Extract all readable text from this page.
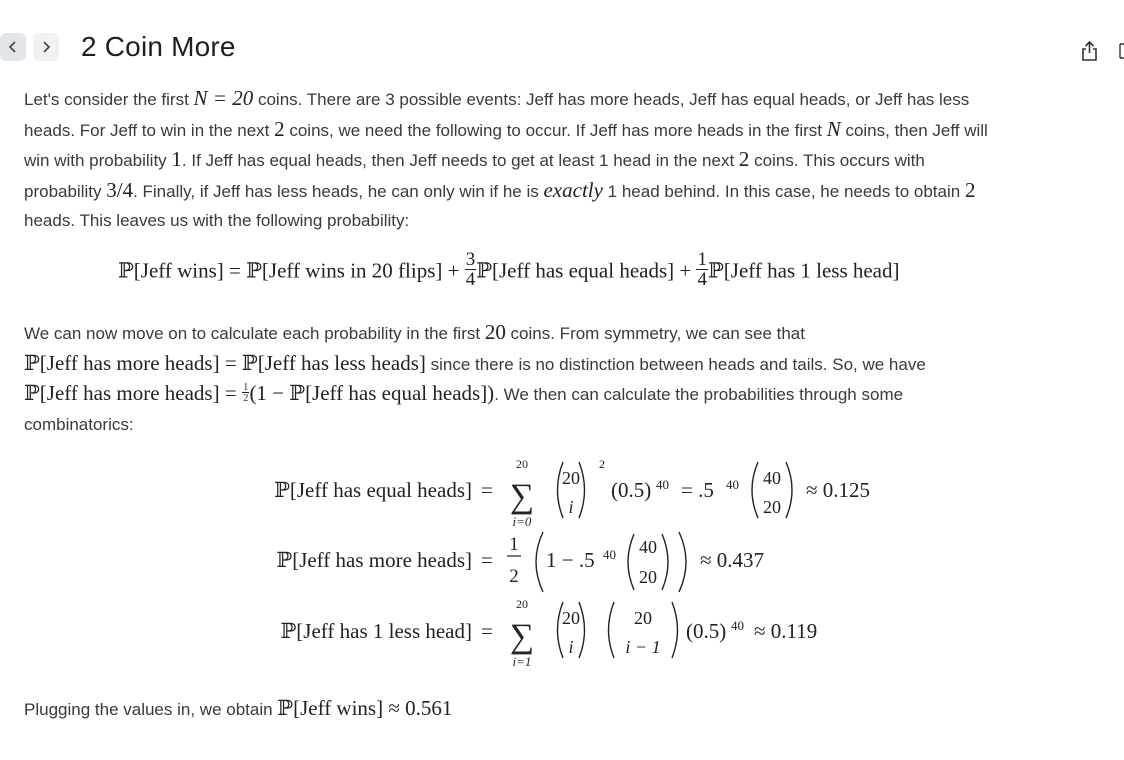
2 Coin More
Let's consider the first N = 20 coins. There are 3 possible events: Jeff has more heads, Jeff has equal heads, or Jeff has less
heads. For Jeff to win in the next 2 coins, we need the following to occur. If Jeff has more heads in the first N coins, then Jeff will
win with probability 1. If Jeff has equal heads, then Jeff needs to get at least 1 head in the next 2 coins. This occurs with
probability 3/4. Finally, if Jeff has less heads, he can only win if he is exactly 1 head behind. In this case, he needs to obtain 2
heads. This leaves us with the following probability:
ℙ[Jeff wins] = ℙ[Jeff wins in 20 flips] + $\frac{3}{4}$ ℙ[Jeff has equal heads] + $\frac{1}{4}$ ℙ[Jeff has 1 less head]
We can now move on to calculate each probability in the first 20 coins. From symmetry, we can see that
ℙ[Jeff has more heads] = ℙ[Jeff has less heads] since there is no distinction between heads and tails. So, we have
ℙ[Jeff has more heads] = $\frac{1}{2} (1$ − ℙ[Jeff has equal heads]). We then can calculate the probabilities through some
combinatorics:
ℙ[Jeff has equal heads] =
20
∑
i=0
20
i
2
(0.5) 40 = .5 40 40
20
≈ 0.125
ℙ[Jeff has more heads] =
1
2
1 − .5 40 40
20
≈ 0.437
ℙ[Jeff has 1 less head] =
20
∑
i=1
20
i
20
i − 1
(0.5) 40 ≈ 0.119
Plugging the values in, we obtain ℙ[Jeff wins] ≈ 0.561
